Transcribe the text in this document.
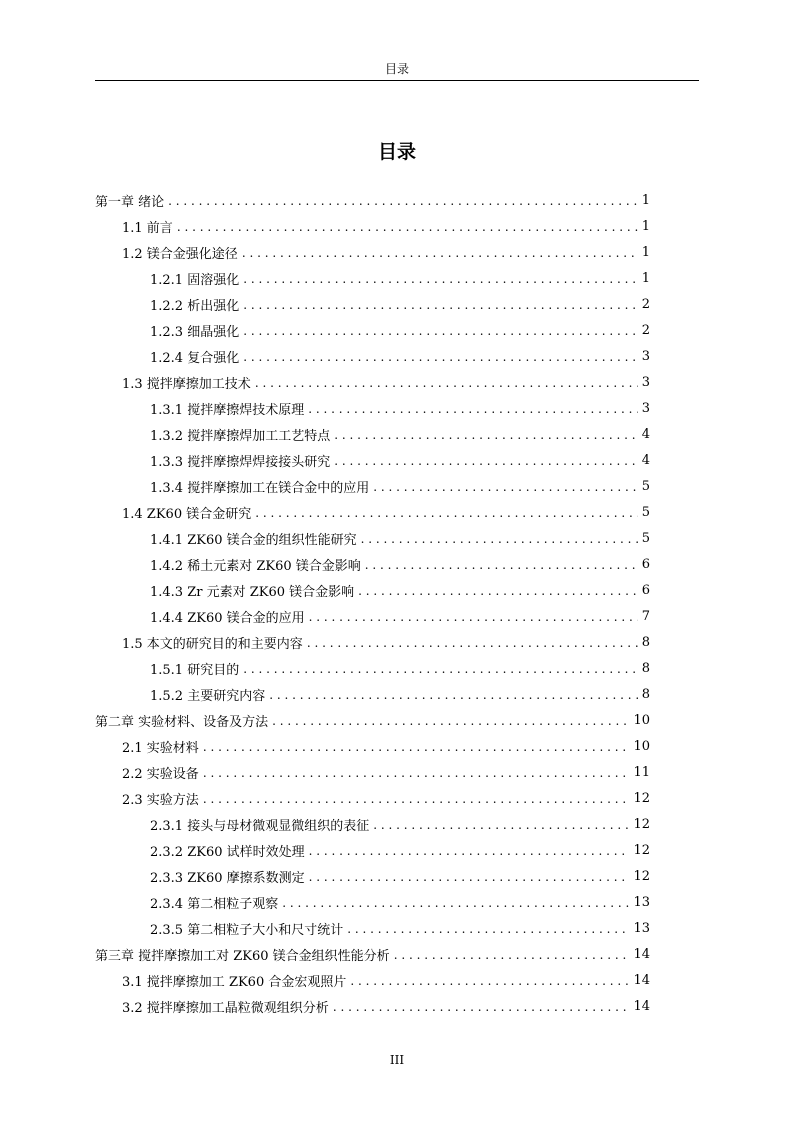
目录
目录
第一章 绪论 . . .	1
1.1 前言 . . .	1
1.2 镁合金强化途径 . . .	1
1.2.1 固溶强化 . . .	1
1.2.2 析出强化 . . .	2
1.2.3 细晶强化 . . .	2
1.2.4 复合强化 . . .	3
1.3 搅拌摩擦加工技术 . . .	3
1.3.1 搅拌摩擦焊技术原理 . . .	3
1.3.2 搅拌摩擦焊加工工艺特点 . . .	4
1.3.3 搅拌摩擦焊焊接接头研究 . . .	4
1.3.4 搅拌摩擦加工在镁合金中的应用 . . .	5
1.4 ZK60 镁合金研究 . . .	5
1.4.1 ZK60 镁合金的组织性能研究 . . .	5
1.4.2 稀土元素对 ZK60 镁合金影响 . . .	6
1.4.3 Zr 元素对 ZK60 镁合金影响 . . .	6
1.4.4 ZK60 镁合金的应用 . . .	7
1.5 本文的研究目的和主要内容 . . .	8
1.5.1 研究目的 . . .	8
1.5.2 主要研究内容 . . .	8
第二章 实验材料、设备及方法 . . .	10
2.1 实验材料 . . .	10
2.2 实验设备 . . .	11
2.3 实验方法 . . .	12
2.3.1 接头与母材微观显微组织的表征 . . .	12
2.3.2 ZK60 试样时效处理 . . .	12
2.3.3 ZK60 摩擦系数测定 . . .	12
2.3.4 第二相粒子观察 . . .	13
2.3.5 第二相粒子大小和尺寸统计 . . .	13
第三章 搅拌摩擦加工对 ZK60 镁合金组织性能分析 . . .	14
3.1 搅拌摩擦加工 ZK60 合金宏观照片 . . .	14
3.2 搅拌摩擦加工晶粒微观组织分析 . . .	14
III
